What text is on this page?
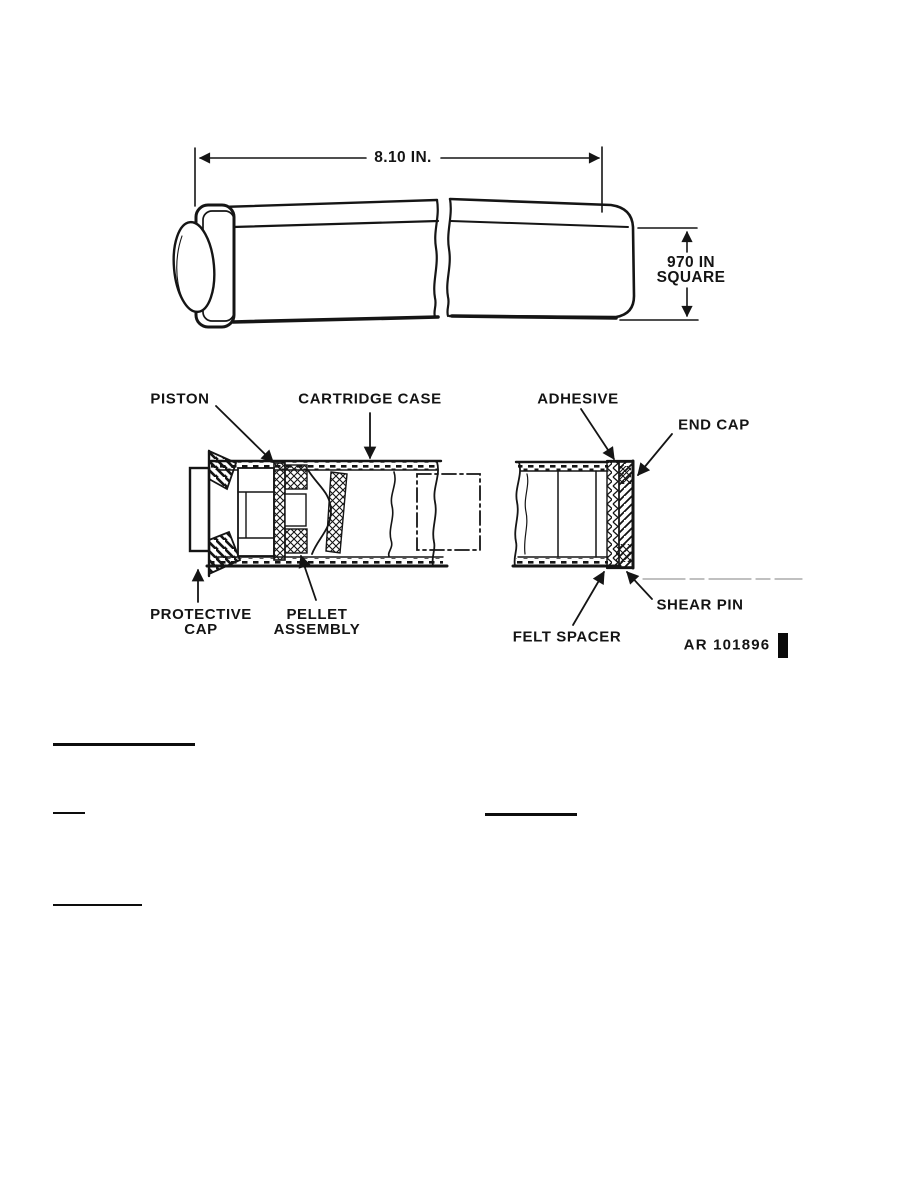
8.10 IN.
970 IN
SQUARE
PISTON	CARTRIDGE CASE	ADHESIVE
END CAP
PROTECTIVE
CAP
PELLET
ASSEMBLY	FELT SPACER
SHEAR PIN
AR 101896
